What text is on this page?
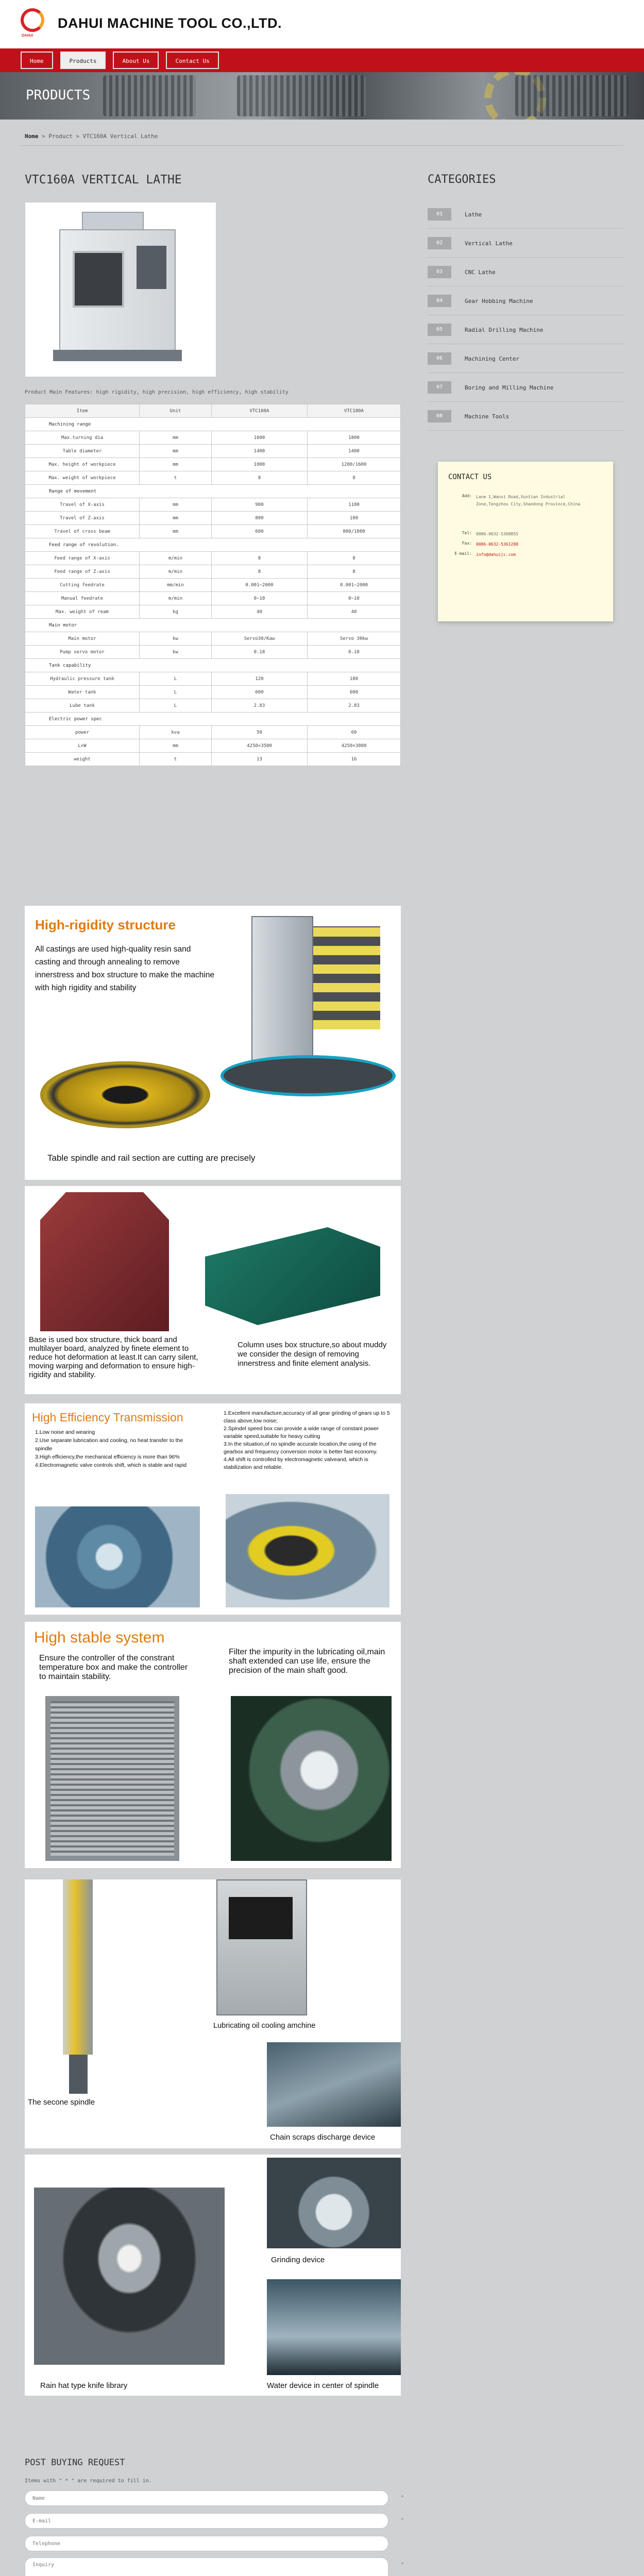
DAHUI
DAHUI MACHINE TOOL CO.,LTD.
Home	Products	About Us	Contact Us
PRODUCTS
Home > Product > VTC160A Vertical Lathe
VTC160A VERTICAL LATHE
Product Main Features: high rigidity, high precision, high efficiency, high stability
Item	Unit	VTC160A	VTC180A
Machining range			
Max.turning dia	mm	1600	1800
Table diameter	mm	1400	1400
Max. height of workpiece	mm	1000	1200/1600
Max. weight of workpiece	t	8	8
Range of movement			
Travel of X-axis	mm	900	1100
Travel of Z-axis	mm	800	100
Travel of cross beam	mm	600	800/1000
Feed range of revolution.			
Feed range of X-axis	m/min	8	8
Feed range of Z-axis	m/min	8	8
Cutting feedrate	mm/min	0.001~2000	0.001~2000
Manual feedrate	m/min	0~10	0~10
Max. weight of ream	kg	40	40
Main motor			
Main motor	kw	Servo30/Kaw	Servo 30kw
Pump servo motor	kw	0.18	0.18
Tank capability			
Hydraulic pressure tank	L	120	180
Water tank	L	600	600
Lube tank	L	2.83	2.83
Electric power spec			
power	kva	50	60
L×W	mm	4250×3500	4250×3800
weight	t	13	16
High-rigidity structure
All castings are used high-quality resin sand casting and through annealing to remove innerstress and box structure to make the machine with high rigidity and stability
Table spindle and rail section are cutting are precisely
Base is used box structure, thick board and multilayer board, analyzed by finete element to reduce hot deformation at least.It can carry silent, moving warping and deformation to ensure high-rigidity and stability.
Column uses box structure,so about muddy we consider the design of removing innerstress and finite element analysis.
High Efficiency Transmission
1.Low noise and wearing
2.Use separate lubrication and cooling, no heat transfer to the spindle
3.High efficiency,the mechanical efficiency is more than 96%
4.Electromagnetic valve controls shift, which is stable and rapid
1.Excellent manufacture,accuracy of all gear grinding of gears up to 5 class above,low noise;
2.Spindel speed box can provide a wide range of constant power variable speed,suitable for heavy cutting
3.In the situation,of no spindle accurate location,the using of the gearbox and frequency conversion motor is better fast economy.
4.All shift is controlled by electromagnetic valveand, which is stabilization and reliable.
High stable system
Ensure the controller of the constrant temperature box and make the controller to maintain stability.
Filter the impurity in the lubricating oil,main shaft extended can use life, ensure the precision of the main shaft good.
The secone spindle
Lubricating oil cooling amchine
Chain scraps discharge device
Rain hat type knife library
Grinding device
Water device in center of spindle
CATEGORIES
01	Lathe
02	Vertical Lathe
03	CNC Lathe
04	Gear Hobbing Machine
05	Radial Drilling Machine
06	Machining Center
07	Boring and Milling Machine
08	Machine Tools
CONTACT US
Add: Lane 1,Wanxi Road,Xuntian Industrial Zone,Tengzhou City,Shandong Province,China
Tel: 0086-0632-5368855
Fax: 0086-0632-5361288
E-mail: info@dahuijc.com
POST BUYING REQUEST
Items with " * " are required to fill in.
Name
*
E-mail
*
Telephone
Inquiry
*
